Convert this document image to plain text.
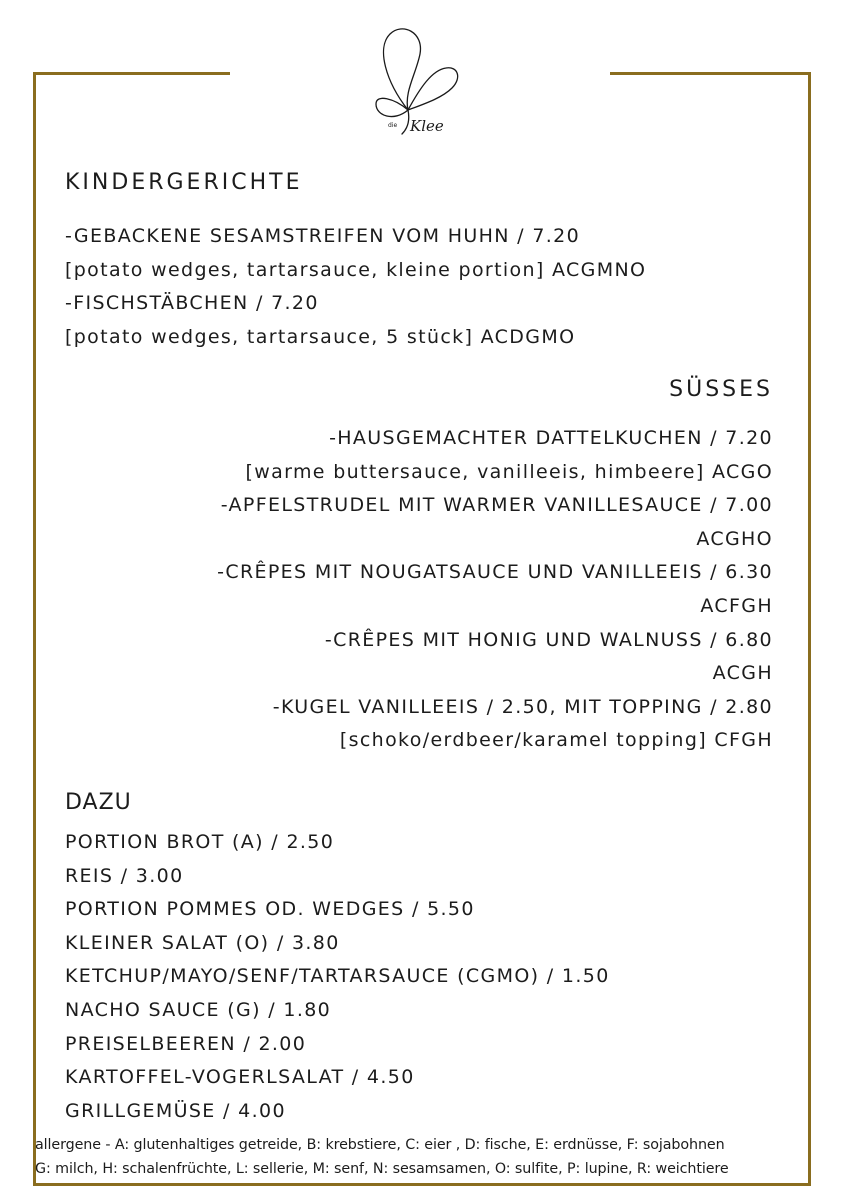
die Klee
KINDERGERICHTE
-GEBACKENE SESAMSTREIFEN VOM HUHN / 7.20
[potato wedges, tartarsauce, kleine portion] ACGMNO
-FISCHSTÄBCHEN / 7.20
[potato wedges, tartarsauce, 5 stück] ACDGMO
SÜSSES
-HAUSGEMACHTER DATTELKUCHEN / 7.20
[warme buttersauce, vanilleeis, himbeere] ACGO
-APFELSTRUDEL MIT WARMER VANILLESAUCE / 7.00
ACGHO
-CRÊPES MIT NOUGATSAUCE UND VANILLEEIS / 6.30
ACFGH
-CRÊPES MIT HONIG UND WALNUSS / 6.80
ACGH
-KUGEL VANILLEEIS / 2.50, MIT TOPPING / 2.80
[schoko/erdbeer/karamel topping] CFGH
DAZU
PORTION BROT (A) / 2.50
REIS / 3.00
PORTION POMMES OD. WEDGES / 5.50
KLEINER SALAT (O) / 3.80
KETCHUP/MAYO/SENF/TARTARSAUCE (CGMO) / 1.50
NACHO SAUCE (G) / 1.80
PREISELBEEREN / 2.00
KARTOFFEL-VOGERLSALAT / 4.50
GRILLGEMÜSE / 4.00
allergene - A: glutenhaltiges getreide, B: krebstiere, C: eier , D: fische, E: erdnüsse, F: sojabohnen
G: milch, H: schalenfrüchte, L: sellerie, M: senf, N: sesamsamen, O: sulfite, P: lupine, R: weichtiere
